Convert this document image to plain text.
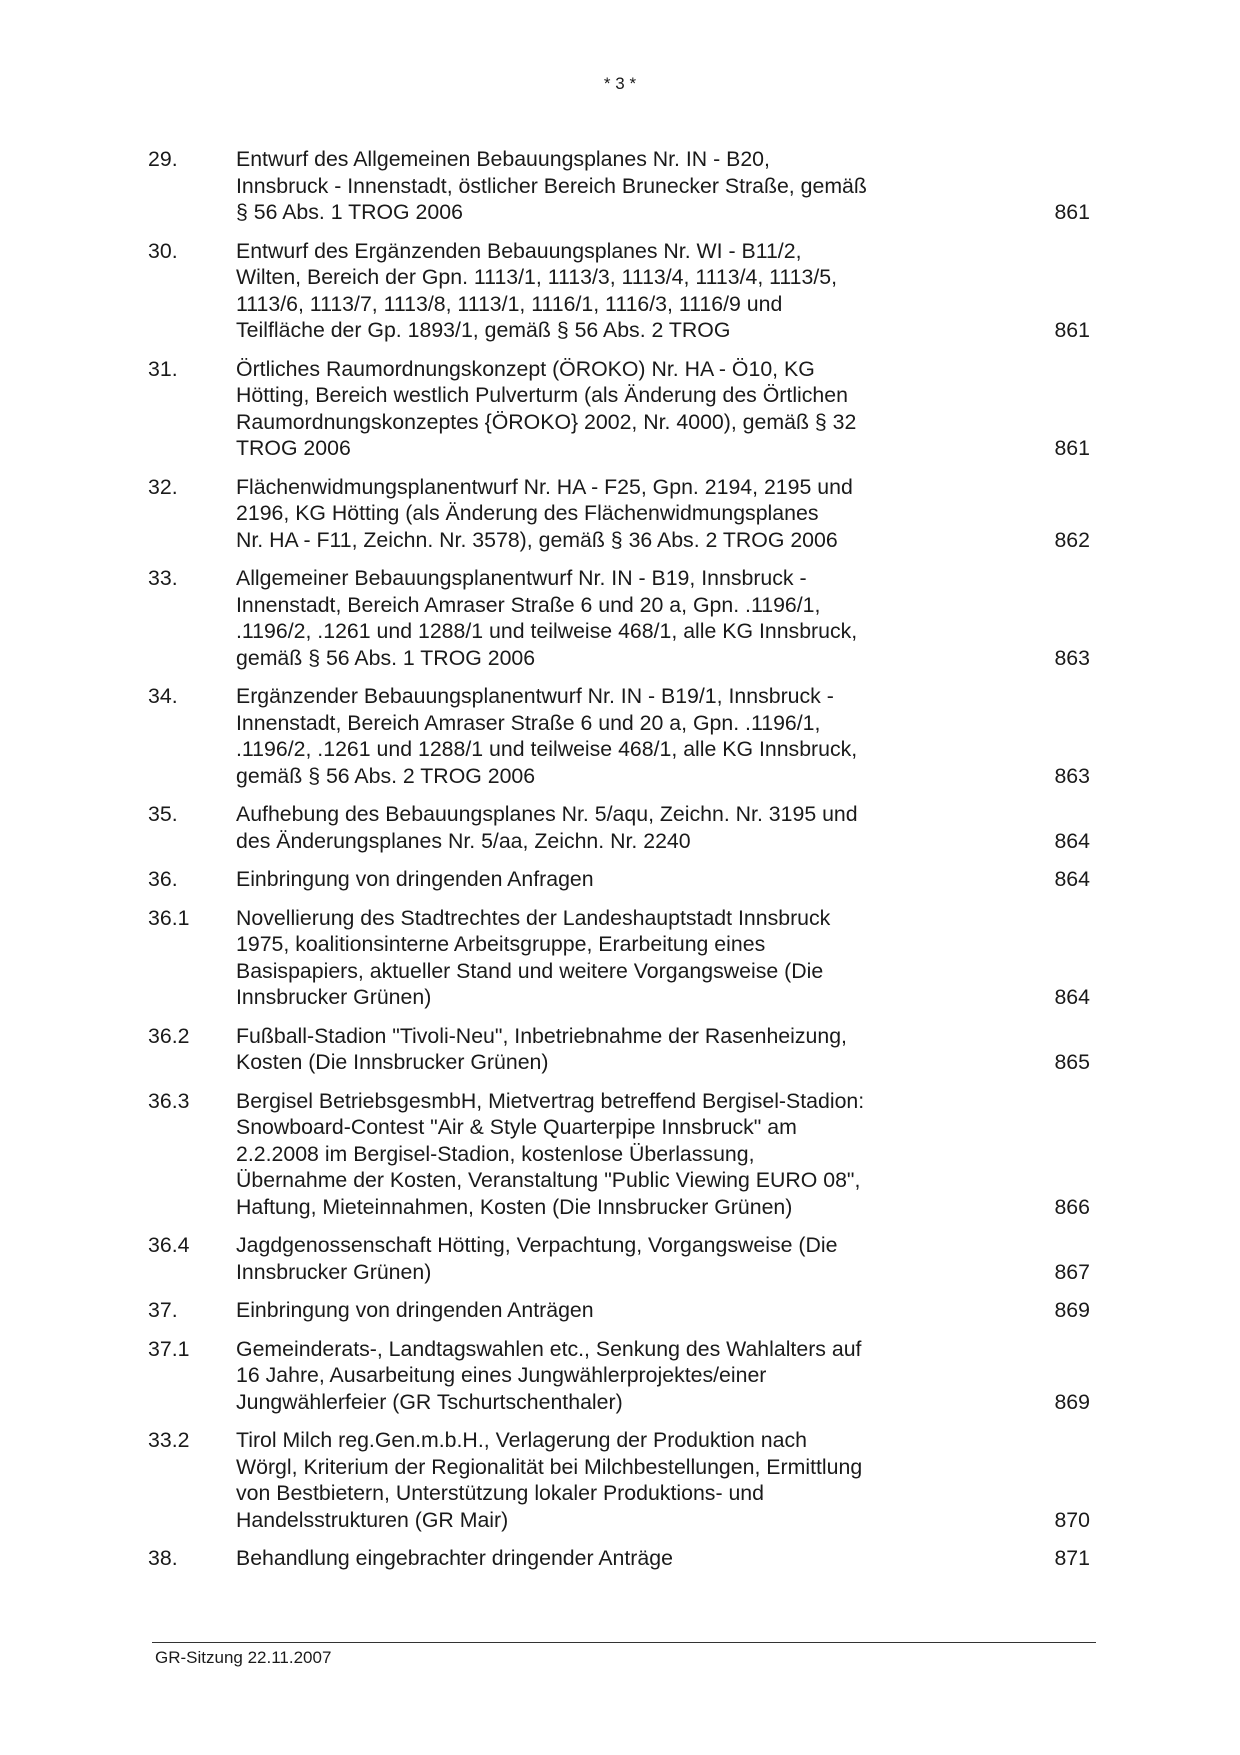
* 3 *
29.	Entwurf des Allgemeinen Bebauungsplanes Nr. IN - B20,
Innsbruck - Innenstadt, östlicher Bereich Brunecker Straße, gemäß
§ 56 Abs. 1 TROG 2006	861
30.	Entwurf des Ergänzenden Bebauungsplanes Nr. WI - B11/2,
Wilten, Bereich der Gpn. 1113/1, 1113/3, 1113/4, 1113/4, 1113/5,
1113/6, 1113/7, 1113/8, 1113/1, 1116/1, 1116/3, 1116/9 und
Teilfläche der Gp. 1893/1, gemäß § 56 Abs. 2 TROG	861
31.	Örtliches Raumordnungskonzept (ÖROKO) Nr. HA - Ö10, KG
Hötting, Bereich westlich Pulverturm (als Änderung des Örtlichen
Raumordnungskonzeptes {ÖROKO} 2002, Nr. 4000), gemäß § 32
TROG 2006	861
32.	Flächenwidmungsplanentwurf Nr. HA - F25, Gpn. 2194, 2195 und
2196, KG Hötting (als Änderung des Flächenwidmungsplanes
Nr. HA - F11, Zeichn. Nr. 3578), gemäß § 36 Abs. 2 TROG 2006	862
33.	Allgemeiner Bebauungsplanentwurf Nr. IN - B19, Innsbruck -
Innenstadt, Bereich Amraser Straße 6 und 20 a, Gpn. .1196/1,
.1196/2, .1261 und 1288/1 und teilweise 468/1, alle KG Innsbruck,
gemäß § 56 Abs. 1 TROG 2006	863
34.	Ergänzender Bebauungsplanentwurf Nr. IN - B19/1, Innsbruck -
Innenstadt, Bereich Amraser Straße 6 und 20 a, Gpn. .1196/1,
.1196/2, .1261 und 1288/1 und teilweise 468/1, alle KG Innsbruck,
gemäß § 56 Abs. 2 TROG 2006	863
35.	Aufhebung des Bebauungsplanes Nr. 5/aqu, Zeichn. Nr. 3195 und
des Änderungsplanes Nr. 5/aa, Zeichn. Nr. 2240	864
36.	Einbringung von dringenden Anfragen	864
36.1	Novellierung des Stadtrechtes der Landeshauptstadt Innsbruck
1975, koalitionsinterne Arbeitsgruppe, Erarbeitung eines
Basispapiers, aktueller Stand und weitere Vorgangsweise (Die
Innsbrucker Grünen)	864
36.2	Fußball-Stadion "Tivoli-Neu", Inbetriebnahme der Rasenheizung,
Kosten (Die Innsbrucker Grünen)	865
36.3	Bergisel BetriebsgesmbH, Mietvertrag betreffend Bergisel-Stadion:
Snowboard-Contest "Air & Style Quarterpipe Innsbruck" am
2.2.2008 im Bergisel-Stadion, kostenlose Überlassung,
Übernahme der Kosten, Veranstaltung "Public Viewing EURO 08",
Haftung, Mieteinnahmen, Kosten (Die Innsbrucker Grünen)	866
36.4	Jagdgenossenschaft Hötting, Verpachtung, Vorgangsweise (Die
Innsbrucker Grünen)	867
37.	Einbringung von dringenden Anträgen	869
37.1	Gemeinderats-, Landtagswahlen etc., Senkung des Wahlalters auf
16 Jahre, Ausarbeitung eines Jungwählerprojektes/einer
Jungwählerfeier (GR Tschurtschenthaler)	869
33.2	Tirol Milch reg.Gen.m.b.H., Verlagerung der Produktion nach
Wörgl, Kriterium der Regionalität bei Milchbestellungen, Ermittlung
von Bestbietern, Unterstützung lokaler Produktions- und
Handelsstrukturen (GR Mair)	870
38.	Behandlung eingebrachter dringender Anträge	871
GR-Sitzung 22.11.2007
